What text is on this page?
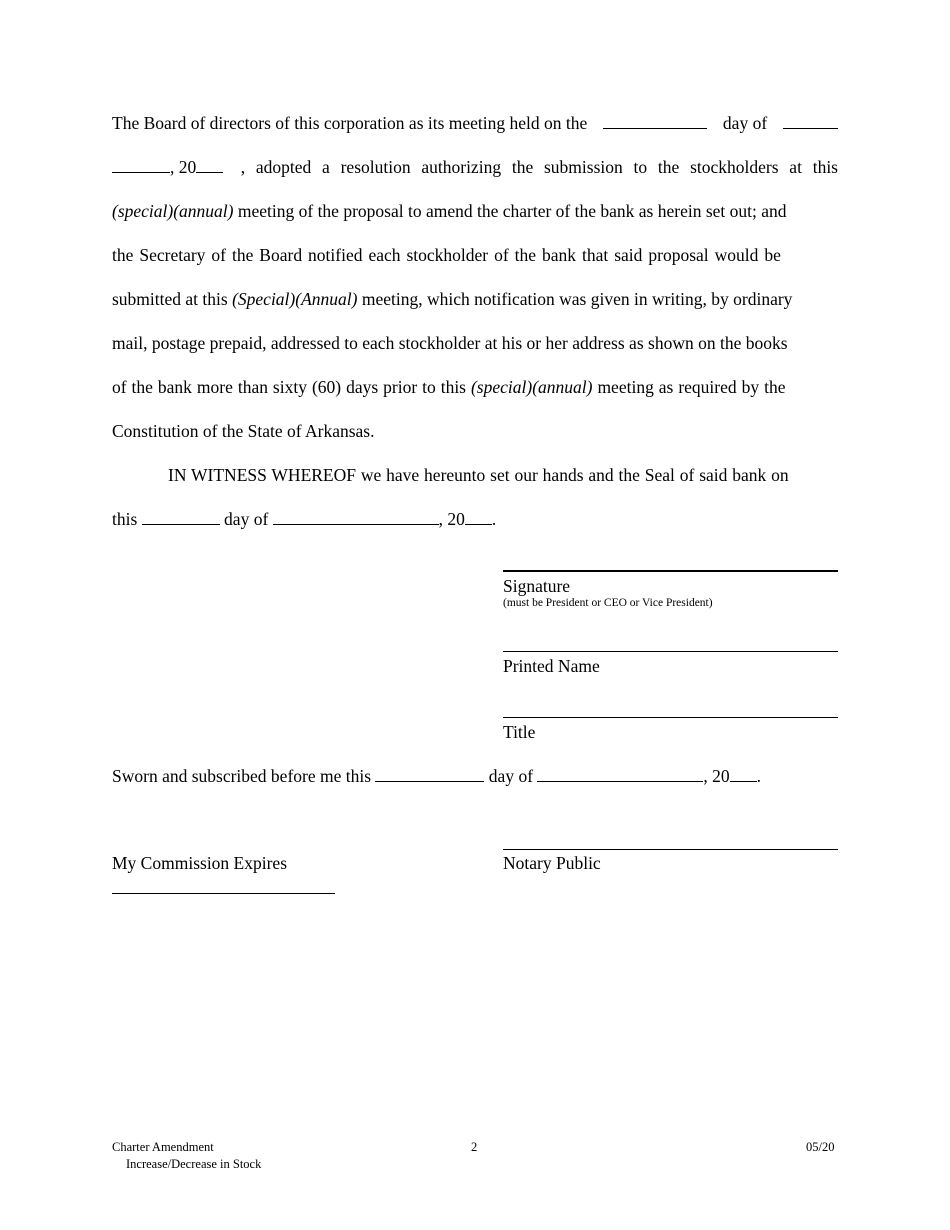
The Board of directors of this corporation as its meeting held on the	day of
, 20	, adopted a resolution authorizing the submission to the stockholders at this
(special)(annual) meeting of the proposal to amend the charter of the bank as herein set out; and
the Secretary of the Board notified each stockholder of the bank that said proposal would be
submitted at this (Special)(Annual) meeting, which notification was given in writing, by ordinary
mail, postage prepaid, addressed to each stockholder at his or her address as shown on the books
of the bank more than sixty (60) days prior to this (special)(annual) meeting as required by the
Constitution of the State of Arkansas.
IN WITNESS WHEREOF we have hereunto set our hands and the Seal of said bank on
this	day of	, 20 .
Signature
(must be President or CEO or Vice President)
Printed Name
Title
Sworn and subscribed before me this	day of	, 20 .
My Commission Expires	Notary Public
Charter Amendment
Increase/Decrease in Stock
2	05/20
